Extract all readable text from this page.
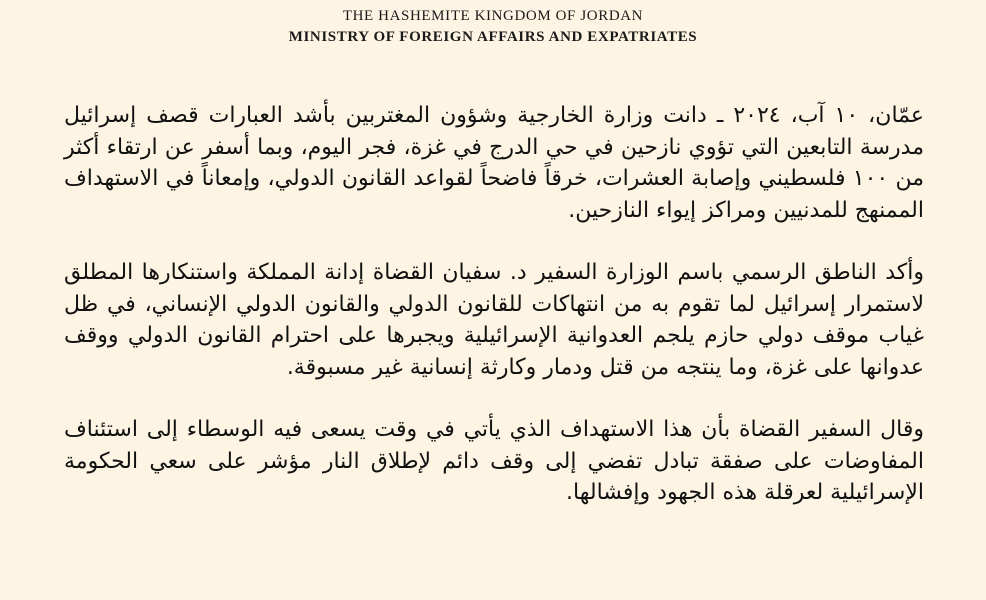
THE HASHEMITE KINGDOM OF JORDAN
MINISTRY OF FOREIGN AFFAIRS AND EXPATRIATES

عمّان، ١٠ آب، ٢٠٢٤ ـ دانت وزارة الخارجية وشؤون المغتربين بأشد العبارات قصف إسرائيل مدرسة التابعين التي تؤوي نازحين في حي الدرج في غزة، فجر اليوم، وبما أسفر عن ارتقاء أكثر من ١٠٠ فلسطيني وإصابة العشرات، خرقاً فاضحاً لقواعد القانون الدولي، وإمعاناً في الاستهداف الممنهج للمدنيين ومراكز إيواء النازحين.

وأكد الناطق الرسمي باسم الوزارة السفير د. سفيان القضاة إدانة المملكة واستنكارها المطلق لاستمرار إسرائيل لما تقوم به من انتهاكات للقانون الدولي والقانون الدولي الإنساني، في ظل غياب موقف دولي حازم يلجم العدوانية الإسرائيلية ويجبرها على احترام القانون الدولي ووقف عدوانها على غزة، وما ينتجه من قتل ودمار وكارثة إنسانية غير مسبوقة.

وقال السفير القضاة بأن هذا الاستهداف الذي يأتي في وقت يسعى فيه الوسطاء إلى استئناف المفاوضات على صفقة تبادل تفضي إلى وقف دائم لإطلاق النار مؤشر على سعي الحكومة الإسرائيلية لعرقلة هذه الجهود وإفشالها.
